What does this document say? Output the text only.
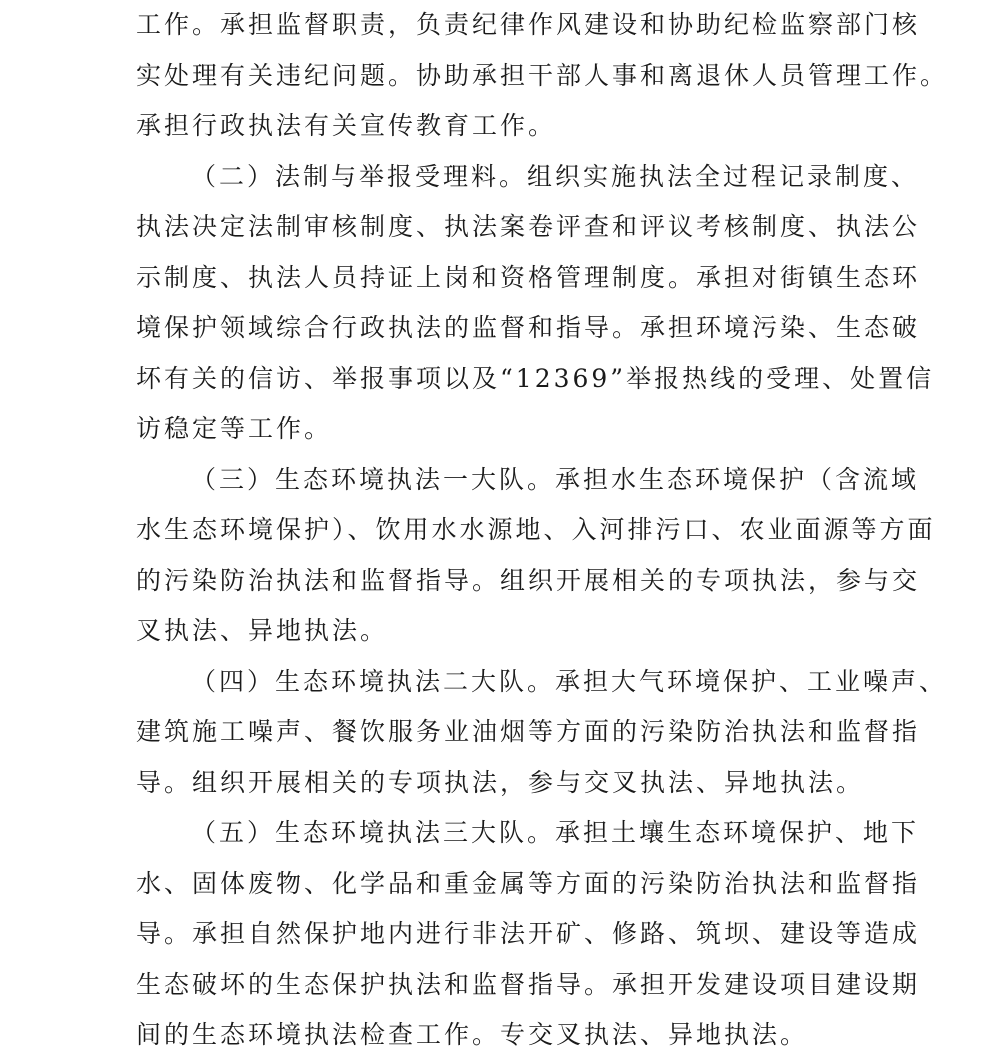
工作。承担监督职责，负责纪律作风建设和协助纪检监察部门核
实处理有关违纪问题。协助承担干部人事和离退休人员管理工作。
承担行政执法有关宣传教育工作。
（二）法制与举报受理料。组织实施执法全过程记录制度、
执法决定法制审核制度、执法案卷评查和评议考核制度、执法公
示制度、执法人员持证上岗和资格管理制度。承担对街镇生态环
境保护领域综合行政执法的监督和指导。承担环境污染、生态破
坏有关的信访、举报事项以及“12369”举报热线的受理、处置信
访稳定等工作。
（三）生态环境执法一大队。承担水生态环境保护（含流域
水生态环境保护）、饮用水水源地、入河排污口、农业面源等方面
的污染防治执法和监督指导。组织开展相关的专项执法，参与交
叉执法、异地执法。
（四）生态环境执法二大队。承担大气环境保护、工业噪声、
建筑施工噪声、餐饮服务业油烟等方面的污染防治执法和监督指
导。组织开展相关的专项执法，参与交叉执法、异地执法。
（五）生态环境执法三大队。承担土壤生态环境保护、地下
水、固体废物、化学品和重金属等方面的污染防治执法和监督指
导。承担自然保护地内进行非法开矿、修路、筑坝、建设等造成
生态破坏的生态保护执法和监督指导。承担开发建设项目建设期
间的生态环境执法检查工作。专交叉执法、异地执法。
